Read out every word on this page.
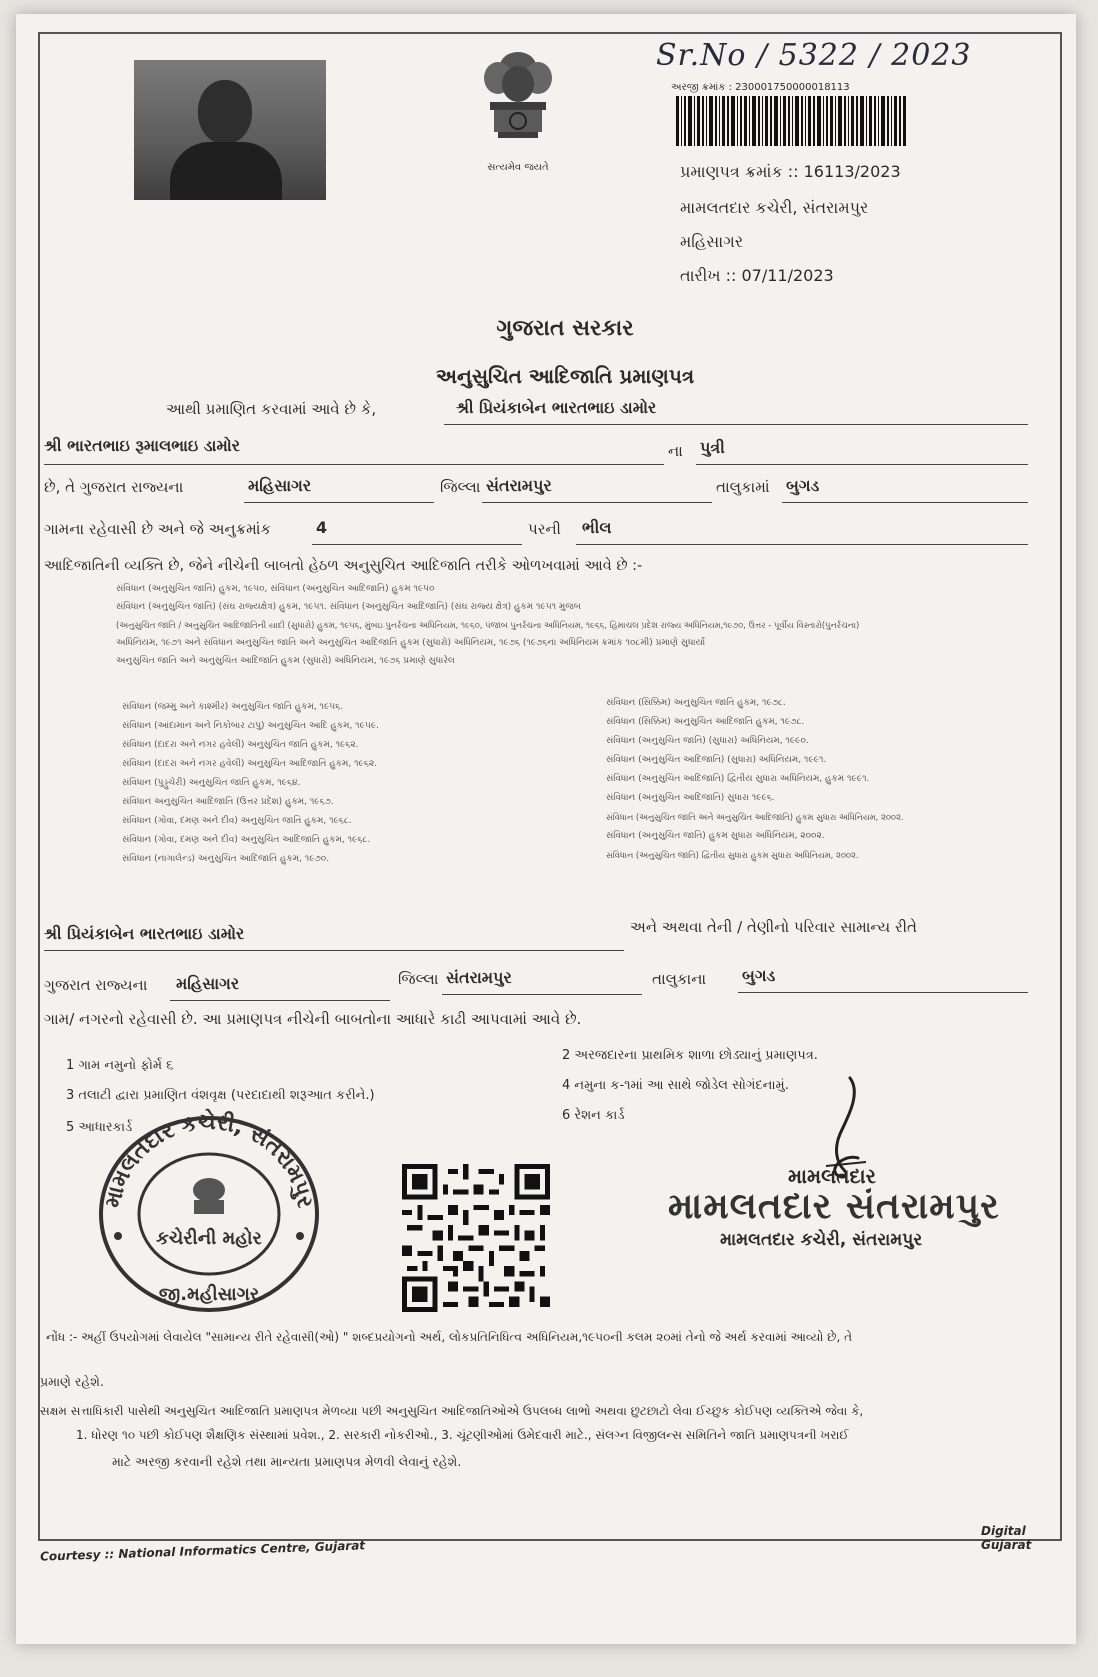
સત્યમેવ જયતે
Sr.No / 5322 / 2023
અરજી ક્રમાંક : 230001750000018113
પ્રમાણપત્ર ક્રમાંક :: 16113/2023
મામલતદાર કચેરી, સંતરામપુર
મહિસાગર
તારીખ :: 07/11/2023
ગુજરાત સરકાર
અનુસુચિત આદિજાતિ પ્રમાણપત્ર
આથી પ્રમાણિત કરવામાં આવે છે કે,	શ્રી પ્રિયંકાબેન ભારતભાઇ ડામોર
શ્રી ભારતભાઇ રૂમાલભાઇ ડામોર	ના પુત્રી
છે, તે ગુજરાત રાજ્યના	મહિસાગર	જિલ્લા સંતરામપુર	તાલુકામાં બુગડ
ગામના રહેવાસી છે અને જે અનુક્રમાંક	4	પરની ભીલ
આદિજાતિની વ્યક્તિ છે, જેને નીચેની બાબતો હેઠળ અનુસુચિત આદિજાતિ તરીકે ઓળખવામાં આવે છે :-
સંવિધાન (અનુસુચિત જાતિ) હુકમ, ૧૯૫૦, સંવિધાન (અનુસુચિત આદિજાતિ) હુકમ ૧૯૫૦
સંવિધાન (અનુસુચિત જાતિ) (સંઘ રાજ્યક્ષેત્ર) હુકમ, ૧૯૫૧. સંવિધાન (અનુસુચિત આદિજાતિ) (સંઘ રાજ્ય ક્ષેત્ર) હુકમ ૧૯૫૧ મુજબ
(અનુસુચિત જાતિ / અનુસુચિત આદિજાતિની યાદી (સુધારો) હુકમ, ૧૯૫૬, મુંબઇ પુનર્રચના અધિનિયમ, ૧૯૬૦, પંજાબ પુનર્રચના અધિનિયમ, ૧૯૬૬, હિમાચલ પ્રદેશ રાજ્ય અધિનિયમ,૧૯૭૦, ઉત્તર - પૂર્વીય વિસ્તારો(પુનર્રચના)
અધિનિયમ, ૧૯૭૧ અને સંવિધાન અનુસુચિત જાતિ અને અનુસુચિત આદિજાતિ હુકમ (સુધારો) અધિનિયમ, ૧૯૭૬ (૧૯૭૬ના અધિનિયમ ક્રમાંક ૧૦૮મી) પ્રમાણે સુધાર્યો
અનુસુચિત જાતિ અને અનુસુચિત આદિજાતિ હુકમ (સુધારો) અધિનિયમ, ૧૯૭૬ પ્રમાણે સુધારેલ
સંવિધાન (જમ્મુ અને કાશ્મીર) અનુસુચિત જાતિ હુકમ, ૧૯૫૬.
સંવિધાન (આંદામાન અને નિકોબાર ટાપુ) અનુસુચિત આદિ હુકમ, ૧૯૫૯.
સંવિધાન (દાદરા અને નગર હવેલી) અનુસુચિત જાતિ હુકમ, ૧૯૬૨.
સંવિધાન (દાદરા અને નગર હવેલી) અનુસુચિત આદિજાતિ હુકમ, ૧૯૬૨.
સંવિધાન (પુડ્ડુચેરી) અનુસુચિત જાતિ હુકમ, ૧૯૬૪.
સંવિધાન અનુસુચિત આદિજાતિ (ઉત્તર પ્રદેશ) હુકમ, ૧૯૬૭.
સંવિધાન (ગોવા, દમણ અને દીવ) અનુસુચિત જાતિ હુકમ, ૧૯૬૮.
સંવિધાન (ગોવા, દમણ અને દીવ) અનુસુચિત આદિજાતિ હુકમ, ૧૯૬૮.
સંવિધાન (નાગાલેન્ડ) અનુસુચિત આદિજાતિ હુકમ, ૧૯૭૦.
સંવિધાન (સિક્કિમ) અનુસુચિત જાતિ હુકમ, ૧૯૭૮.
સંવિધાન (સિક્કિમ) અનુસુચિત આદિજાતિ હુકમ, ૧૯૭૮.
સંવિધાન (અનુસુચિત જાતિ) (સુધારા) અધિનિયમ, ૧૯૯૦.
સંવિધાન (અનુસુચિત આદિજાતિ) (સુધારા) અધિનિયમ, ૧૯૯૧.
સંવિધાન (અનુસુચિત આદિજાતિ) દ્વિતીય સુધારા અધિનિયમ, હુકમ ૧૯૯૧.
સંવિધાન (અનુસુચિત આદિજાતિ) સુધારા ૧૯૯૬.
સંવિધાન (અનુસુચિત જાતિ અને અનુસુચિત આદિજાતિ) હુકમ સુધારા અધિનિયમ, ૨૦૦૨.
સંવિધાન (અનુસુચિત જાતિ) હુકમ સુધારા અધિનિયમ, ૨૦૦૨.
સંવિધાન (અનુસુચિત જાતિ) દ્વિતીય સુધારા હુકમ સુધારા અધિનિયમ, ૨૦૦૨.
શ્રી પ્રિયંકાબેન ભારતભાઇ ડામોર	અને અથવા તેની / તેણીનો પરિવાર સામાન્ય રીતે
ગુજરાત રાજ્યના મહિસાગર	જિલ્લા સંતરામપુર	તાલુકાના બુગડ
ગામ/ નગરનો રહેવાસી છે. આ પ્રમાણપત્ર નીચેની બાબતોના આધારે કાઢી આપવામાં આવે છે.
1 ગામ નમુનો ફોર્મ ૬
2 અરજદારના પ્રાથમિક શાળા છોડ્યાનું પ્રમાણપત્ર.
3 તલાટી દ્વારા પ્રમાણિત વંશવૃક્ષ (પરદાદાથી શરૂઆત કરીને.)
4 નમુના ક-૧માં આ સાથે જોડેલ સોગંદનામું.
5 આધારકાર્ડ
6 રેશન કાર્ડ
મામલતદાર કચેરી, સંતરામપુર
કચેરીની મહોર
જી.મહીસાગર
મામલતદાર
મામલતદાર સંતરામપુર
મામલતદાર કચેરી, સંતરામપુર
નોંધ :- અહીં ઉપયોગમાં લેવાયેલ "સામાન્ય રીતે રહેવાસી(ઓ) " શબ્દપ્રયોગનો અર્થ, લોકપ્રતિનિધિત્વ અધિનિયમ,૧૯૫૦ની કલમ ૨૦માં તેનો જે અર્થ કરવામાં આવ્યો છે, તે
પ્રમાણે રહેશે.
સક્ષમ સત્તાધિકારી પાસેથી અનુસુચિત આદિજાતિ પ્રમાણપત્ર મેળવ્યા પછી અનુસુચિત આદિજાતિઓએ ઉપલબ્ધ લાભો અથવા છુટછાટો લેવા ઈચ્છુક કોઈપણ વ્યક્તિએ જેવા કે,
1. ધોરણ ૧૦ પછી કોઈપણ શૈક્ષણિક સંસ્થામાં પ્રવેશ., 2. સરકારી નોકરીઓ., 3. ચૂંટણીઓમાં ઉમેદવારી માટે., સંલગ્ન વિજીલન્સ સમિતિને જાતિ પ્રમાણપત્રની ખરાઈ
માટે અરજી કરવાની રહેશે તથા માન્યતા પ્રમાણપત્ર મેળવી લેવાનું રહેશે.
Digital Gujarat
Courtesy :: National Informatics Centre, Gujarat
